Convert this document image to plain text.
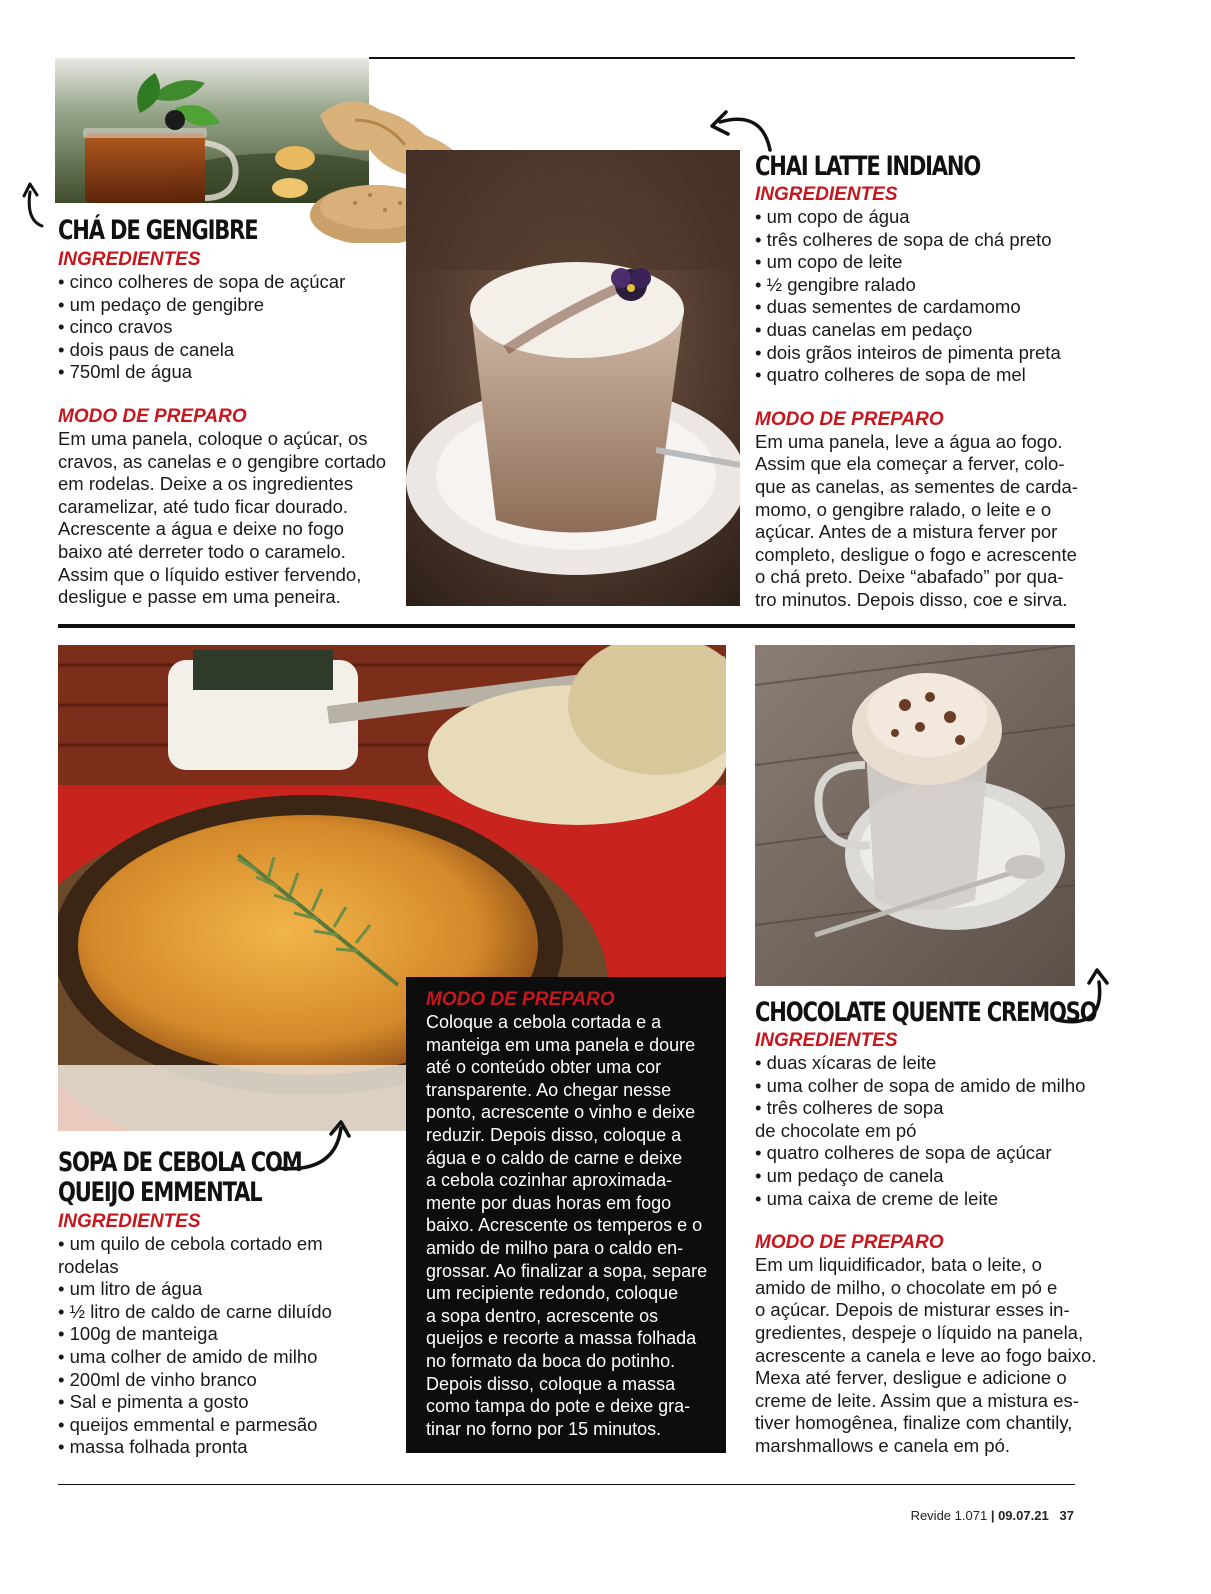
CHÁ DE GENGIBRE
INGREDIENTES
• cinco colheres de sopa de açúcar
• um pedaço de gengibre
• cinco cravos
• dois paus de canela
• 750ml de água
MODO DE PREPARO
Em uma panela, coloque o açúcar, os
cravos, as canelas e o gengibre cortado
em rodelas. Deixe a os ingredientes
caramelizar, até tudo ficar dourado.
Acrescente a água e deixe no fogo
baixo até derreter todo o caramelo.
Assim que o líquido estiver fervendo,
desligue e passe em uma peneira.
CHAI LATTE INDIANO
INGREDIENTES
• um copo de água
• três colheres de sopa de chá preto
• um copo de leite
• ½ gengibre ralado
• duas sementes de cardamomo
• duas canelas em pedaço
• dois grãos inteiros de pimenta preta
• quatro colheres de sopa de mel
MODO DE PREPARO
Em uma panela, leve a água ao fogo.
Assim que ela começar a ferver, colo-
que as canelas, as sementes de carda-
momo, o gengibre ralado, o leite e o
açúcar. Antes de a mistura ferver por
completo, desligue o fogo e acrescente
o chá preto. Deixe “abafado” por qua-
tro minutos. Depois disso, coe e sirva.
SOPA DE CEBOLA COM
QUEIJO EMMENTAL
INGREDIENTES
• um quilo de cebola cortado em
rodelas
• um litro de água
• ½ litro de caldo de carne diluído
• 100g de manteiga
• uma colher de amido de milho
• 200ml de vinho branco
• Sal e pimenta a gosto
• queijos emmental e parmesão
• massa folhada pronta
MODO DE PREPARO
Coloque a cebola cortada e a
manteiga em uma panela e doure
até o conteúdo obter uma cor
transparente. Ao chegar nesse
ponto, acrescente o vinho e deixe
reduzir. Depois disso, coloque a
água e o caldo de carne e deixe
a cebola cozinhar aproximada-
mente por duas horas em fogo
baixo. Acrescente os temperos e o
amido de milho para o caldo en-
grossar. Ao finalizar a sopa, separe
um recipiente redondo, coloque
a sopa dentro, acrescente os
queijos e recorte a massa folhada
no formato da boca do potinho.
Depois disso, coloque a massa
como tampa do pote e deixe gra-
tinar no forno por 15 minutos.
CHOCOLATE QUENTE CREMOSO
INGREDIENTES
• duas xícaras de leite
• uma colher de sopa de amido de milho
• três colheres de sopa
de chocolate em pó
• quatro colheres de sopa de açúcar
• um pedaço de canela
• uma caixa de creme de leite
MODO DE PREPARO
Em um liquidificador, bata o leite, o
amido de milho, o chocolate em pó e
o açúcar. Depois de misturar esses in-
gredientes, despeje o líquido na panela,
acrescente a canela e leve ao fogo baixo.
Mexa até ferver, desligue e adicione o
creme de leite. Assim que a mistura es-
tiver homogênea, finalize com chantily,
marshmallows e canela em pó.
Revide 1.071 | 09.07.21 37
